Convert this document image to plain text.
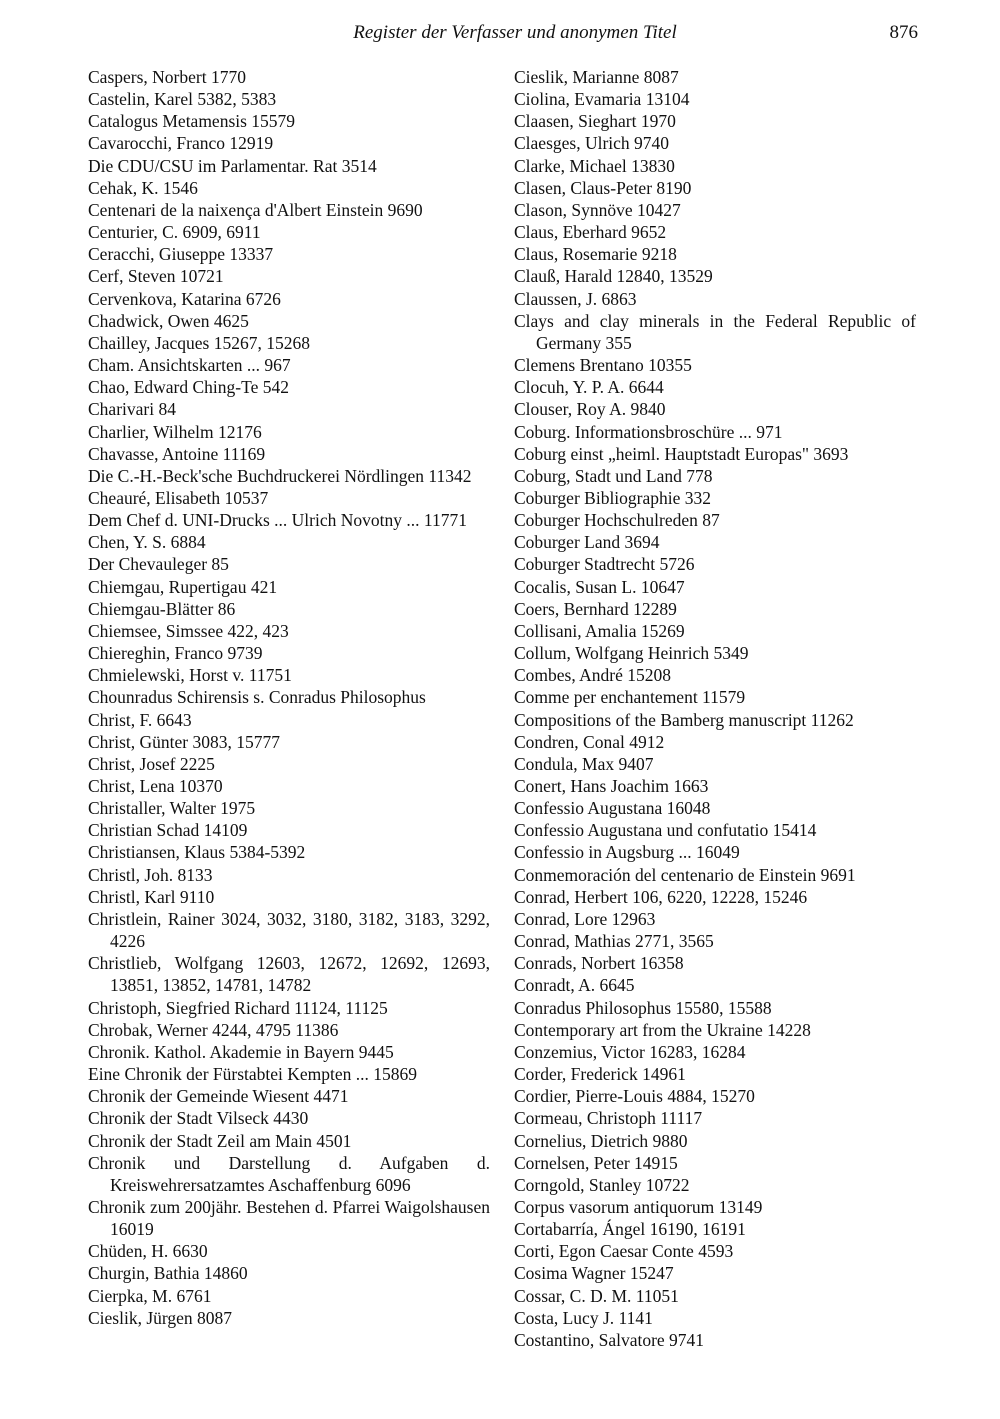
Register der Verfasser und anonymen Titel	876
Caspers, Norbert 1770
Castelin, Karel 5382, 5383
Catalogus Metamensis 15579
Cavarocchi, Franco 12919
Die CDU/CSU im Parlamentar. Rat 3514
Cehak, K. 1546
Centenari de la naixença d'Albert Einstein 9690
Centurier, C. 6909, 6911
Ceracchi, Giuseppe 13337
Cerf, Steven 10721
Cervenkova, Katarina 6726
Chadwick, Owen 4625
Chailley, Jacques 15267, 15268
Cham. Ansichtskarten ... 967
Chao, Edward Ching-Te 542
Charivari 84
Charlier, Wilhelm 12176
Chavasse, Antoine 11169
Die C.-H.-Beck'sche Buchdruckerei Nördlingen 11342
Cheauré, Elisabeth 10537
Dem Chef d. UNI-Drucks ... Ulrich Novotny ... 11771
Chen, Y. S. 6884
Der Chevauleger 85
Chiemgau, Rupertigau 421
Chiemgau-Blätter 86
Chiemsee, Simssee 422, 423
Chiereghin, Franco 9739
Chmielewski, Horst v. 11751
Chounradus Schirensis s. Conradus Philosophus
Christ, F. 6643
Christ, Günter 3083, 15777
Christ, Josef 2225
Christ, Lena 10370
Christaller, Walter 1975
Christian Schad 14109
Christiansen, Klaus 5384-5392
Christl, Joh. 8133
Christl, Karl 9110
Christlein, Rainer 3024, 3032, 3180, 3182, 3183, 3292, 4226
Christlieb, Wolfgang 12603, 12672, 12692, 12693, 13851, 13852, 14781, 14782
Christoph, Siegfried Richard 11124, 11125
Chrobak, Werner 4244, 4795 11386
Chronik. Kathol. Akademie in Bayern 9445
Eine Chronik der Fürstabtei Kempten ... 15869
Chronik der Gemeinde Wiesent 4471
Chronik der Stadt Vilseck 4430
Chronik der Stadt Zeil am Main 4501
Chronik und Darstellung d. Aufgaben d. Kreiswehrersatzamtes Aschaffenburg 6096
Chronik zum 200jähr. Bestehen d. Pfarrei Waigolshausen 16019
Chüden, H. 6630
Churgin, Bathia 14860
Cierpka, M. 6761
Cieslik, Jürgen 8087
Cieslik, Marianne 8087
Ciolina, Evamaria 13104
Claasen, Sieghart 1970
Claesges, Ulrich 9740
Clarke, Michael 13830
Clasen, Claus-Peter 8190
Clason, Synnöve 10427
Claus, Eberhard 9652
Claus, Rosemarie 9218
Clauß, Harald 12840, 13529
Claussen, J. 6863
Clays and clay minerals in the Federal Republic of Germany 355
Clemens Brentano 10355
Clocuh, Y. P. A. 6644
Clouser, Roy A. 9840
Coburg. Informationsbroschüre ... 971
Coburg einst „heiml. Hauptstadt Europas" 3693
Coburg, Stadt und Land 778
Coburger Bibliographie 332
Coburger Hochschulreden 87
Coburger Land 3694
Coburger Stadtrecht 5726
Cocalis, Susan L. 10647
Coers, Bernhard 12289
Collisani, Amalia 15269
Collum, Wolfgang Heinrich 5349
Combes, André 15208
Comme per enchantement 11579
Compositions of the Bamberg manuscript 11262
Condren, Conal 4912
Condula, Max 9407
Conert, Hans Joachim 1663
Confessio Augustana 16048
Confessio Augustana und confutatio 15414
Confessio in Augsburg ... 16049
Conmemoración del centenario de Einstein 9691
Conrad, Herbert 106, 6220, 12228, 15246
Conrad, Lore 12963
Conrad, Mathias 2771, 3565
Conrads, Norbert 16358
Conradt, A. 6645
Conradus Philosophus 15580, 15588
Contemporary art from the Ukraine 14228
Conzemius, Victor 16283, 16284
Corder, Frederick 14961
Cordier, Pierre-Louis 4884, 15270
Cormeau, Christoph 11117
Cornelius, Dietrich 9880
Cornelsen, Peter 14915
Corngold, Stanley 10722
Corpus vasorum antiquorum 13149
Cortabarría, Ángel 16190, 16191
Corti, Egon Caesar Conte 4593
Cosima Wagner 15247
Cossar, C. D. M. 11051
Costa, Lucy J. 1141
Costantino, Salvatore 9741
